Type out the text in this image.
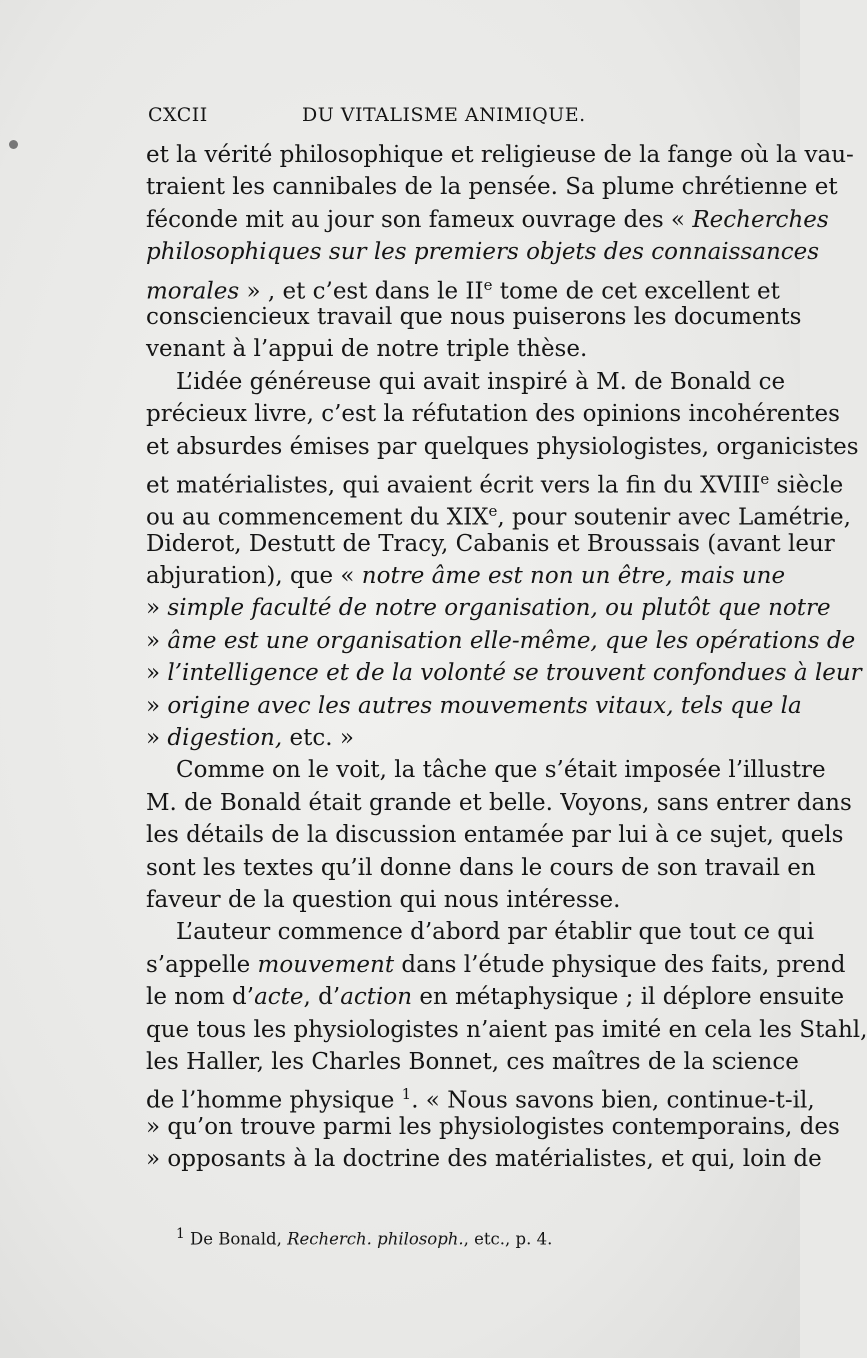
CXCII	DU VITALISME ANIMIQUE.
et la vérité philosophique et religieuse de la fange où la vau-
traient les cannibales de la pensée. Sa plume chrétienne et
féconde mit au jour son fameux ouvrage des « Recherches
philosophiques sur les premiers objets des connaissances
morales » , et c’est dans le IIe tome de cet excellent et
consciencieux travail que nous puiserons les documents
venant à l’appui de notre triple thèse.
L’idée généreuse qui avait inspiré à M. de Bonald ce
précieux livre, c’est la réfutation des opinions incohérentes
et absurdes émises par quelques physiologistes, organicistes
et matérialistes, qui avaient écrit vers la fin du XVIIIe siècle
ou au commencement du XIXe, pour soutenir avec Lamétrie,
Diderot, Destutt de Tracy, Cabanis et Broussais (avant leur
abjuration), que « notre âme est non un être, mais une
» simple faculté de notre organisation, ou plutôt que notre
» âme est une organisation elle-même, que les opérations de
» l’intelligence et de la volonté se trouvent confondues à leur
» origine avec les autres mouvements vitaux, tels que la
» digestion, etc. »
Comme on le voit, la tâche que s’était imposée l’illustre
M. de Bonald était grande et belle. Voyons, sans entrer dans
les détails de la discussion entamée par lui à ce sujet, quels
sont les textes qu’il donne dans le cours de son travail en
faveur de la question qui nous intéresse.
L’auteur commence d’abord par établir que tout ce qui
s’appelle mouvement dans l’étude physique des faits, prend
le nom d’acte, d’action en métaphysique ; il déplore ensuite
que tous les physiologistes n’aient pas imité en cela les Stahl,
les Haller, les Charles Bonnet, ces maîtres de la science
de l’homme physique $^1$. « Nous savons bien, continue-t-il,
» qu’on trouve parmi les physiologistes contemporains, des
» opposants à la doctrine des matérialistes, et qui, loin de
$^1$ De Bonald, Recherch. philosoph., etc., p. 4.
